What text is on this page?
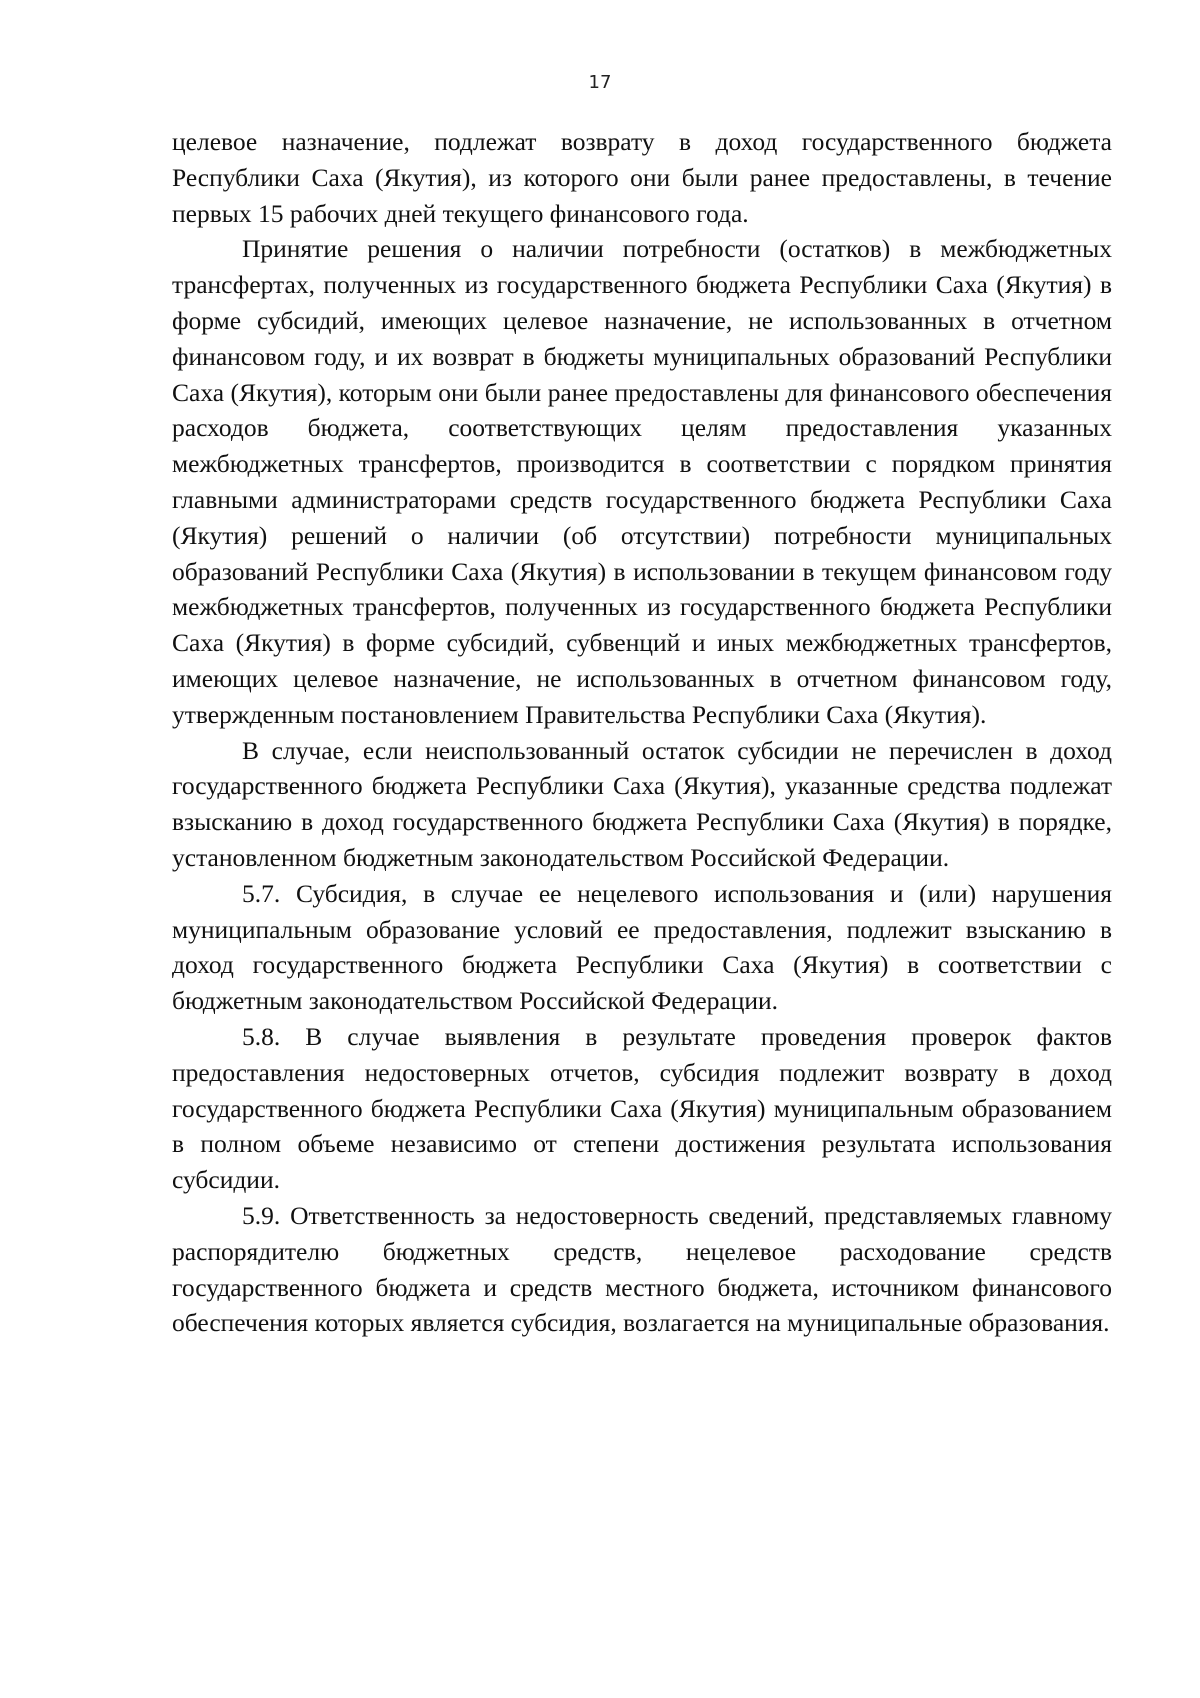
17

целевое назначение, подлежат возврату в доход государственного бюджета Республики Саха (Якутия), из которого они были ранее предоставлены, в течение первых 15 рабочих дней текущего финансового года.

Принятие решения о наличии потребности (остатков) в межбюджетных трансфертах, полученных из государственного бюджета Республики Саха (Якутия) в форме субсидий, имеющих целевое назначение, не использованных в отчетном финансовом году, и их возврат в бюджеты муниципальных образований Республики Саха (Якутия), которым они были ранее предоставлены для финансового обеспечения расходов бюджета, соответствующих целям предоставления указанных межбюджетных трансфертов, производится в соответствии с порядком принятия главными администраторами средств государственного бюджета Республики Саха (Якутия) решений о наличии (об отсутствии) потребности муниципальных образований Республики Саха (Якутия) в использовании в текущем финансовом году межбюджетных трансфертов, полученных из государственного бюджета Республики Саха (Якутия) в форме субсидий, субвенций и иных межбюджетных трансфертов, имеющих целевое назначение, не использованных в отчетном финансовом году, утвержденным постановлением Правительства Республики Саха (Якутия).

В случае, если неиспользованный остаток субсидии не перечислен в доход государственного бюджета Республики Саха (Якутия), указанные средства подлежат взысканию в доход государственного бюджета Республики Саха (Якутия) в порядке, установленном бюджетным законодательством Российской Федерации.

5.7. Субсидия, в случае ее нецелевого использования и (или) нарушения муниципальным образование условий ее предоставления, подлежит взысканию в доход государственного бюджета Республики Саха (Якутия) в соответствии с бюджетным законодательством Российской Федерации.

5.8. В случае выявления в результате проведения проверок фактов предоставления недостоверных отчетов, субсидия подлежит возврату в доход государственного бюджета Республики Саха (Якутия) муниципальным образованием в полном объеме независимо от степени достижения результата использования субсидии.

5.9. Ответственность за недостоверность сведений, представляемых главному распорядителю бюджетных средств, нецелевое расходование средств государственного бюджета и средств местного бюджета, источником финансового обеспечения которых является субсидия, возлагается на муниципальные образования.
